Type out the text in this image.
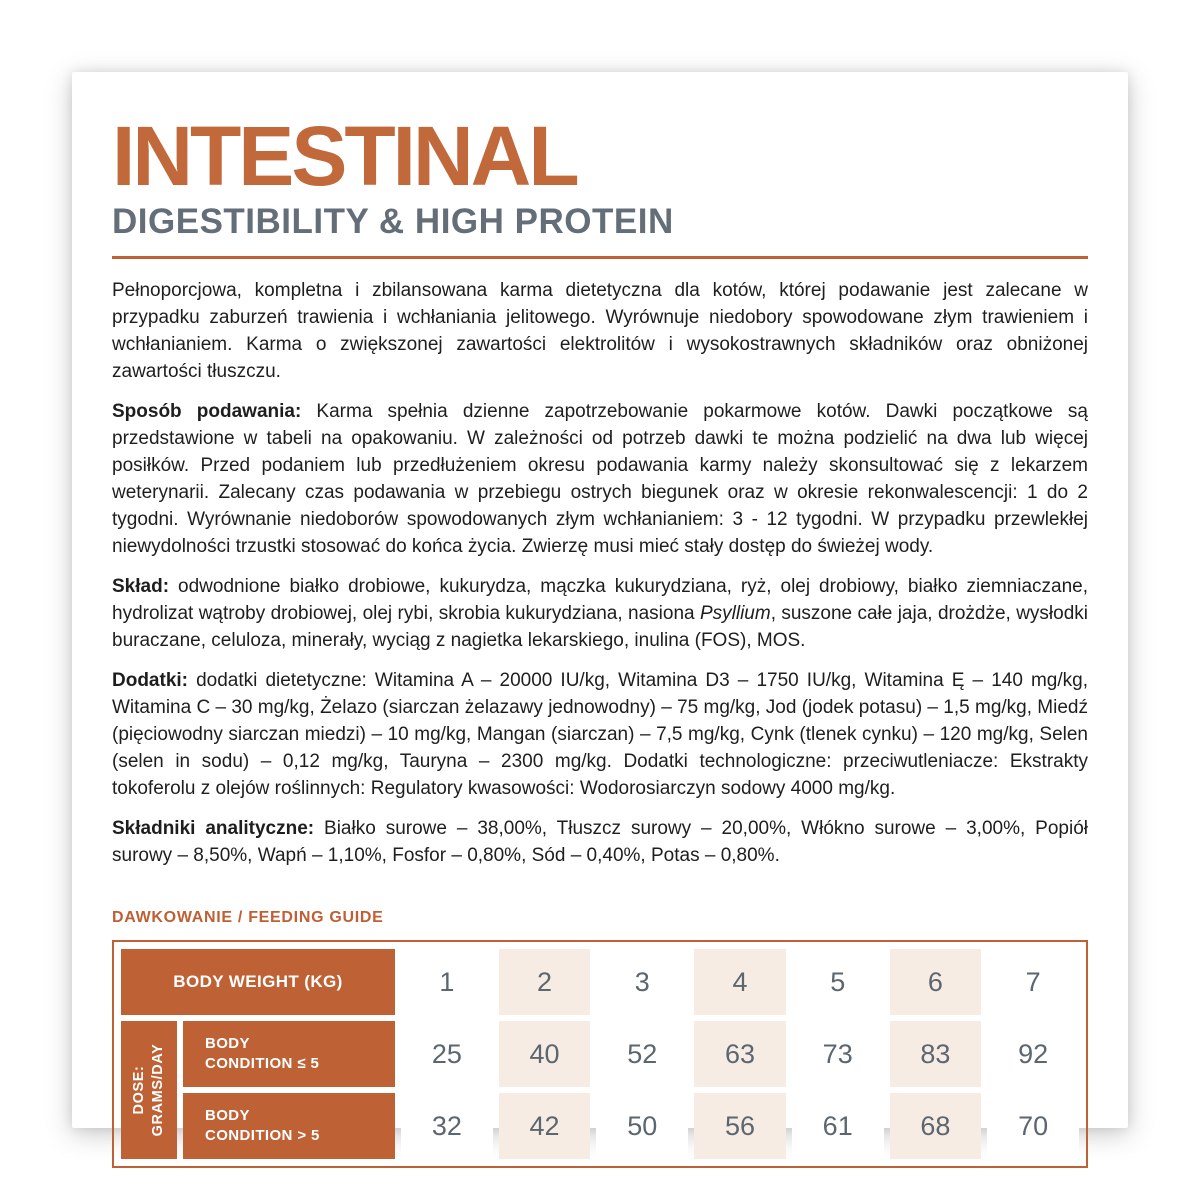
INTESTINAL
DIGESTIBILITY & HIGH PROTEIN

Pełnoporcjowa, kompletna i zbilansowana karma dietetyczna dla kotów, której podawanie jest zalecane w przypadku zaburzeń trawienia i wchłaniania jelitowego. Wyrównuje niedobory spowodowane złym trawieniem i wchłanianiem. Karma o zwiększonej zawartości elektrolitów i wysokostrawnych składników oraz obniżonej zawartości tłuszczu.

Sposób podawania: Karma spełnia dzienne zapotrzebowanie pokarmowe kotów. Dawki początkowe są przedstawione w tabeli na opakowaniu. W zależności od potrzeb dawki te można podzielić na dwa lub więcej posiłków. Przed podaniem lub przedłużeniem okresu podawania karmy należy skonsultować się z lekarzem weterynarii. Zalecany czas podawania w przebiegu ostrych biegunek oraz w okresie rekonwalescencji: 1 do 2 tygodni. Wyrównanie niedoborów spowodowanych złym wchłanianiem: 3 - 12 tygodni. W przypadku przewlekłej niewydolności trzustki stosować do końca życia. Zwierzę musi mieć stały dostęp do świeżej wody.

Skład: odwodnione białko drobiowe, kukurydza, mączka kukurydziana, ryż, olej drobiowy, białko ziemniaczane, hydrolizat wątroby drobiowej, olej rybi, skrobia kukurydziana, nasiona Psyllium, suszone całe jaja, drożdże, wysłodki buraczane, celuloza, minerały, wyciąg z nagietka lekarskiego, inulina (FOS), MOS.

Dodatki: dodatki dietetyczne: Witamina A – 20000 IU/kg, Witamina D3 – 1750 IU/kg, Witamina Ę – 140 mg/kg, Witamina C – 30 mg/kg, Żelazo (siarczan żelazawy jednowodny) – 75 mg/kg, Jod (jodek potasu) – 1,5 mg/kg, Miedź (pięciowodny siarczan miedzi) – 10 mg/kg, Mangan (siarczan) – 7,5 mg/kg, Cynk (tlenek cynku) – 120 mg/kg, Selen (selen in sodu) – 0,12 mg/kg, Tauryna – 2300 mg/kg. Dodatki technologiczne: przeciwutleniacze: Ekstrakty tokoferolu z olejów roślinnych: Regulatory kwasowości: Wodorosiarczyn sodowy 4000 mg/kg.

Składniki analityczne: Białko surowe – 38,00%, Tłuszcz surowy – 20,00%, Włókno surowe – 3,00%, Popiół surowy – 8,50%, Wapń – 1,10%, Fosfor – 0,80%, Sód – 0,40%, Potas – 0,80%.

DAWKOWANIE / FEEDING GUIDE
BODY WEIGHT (KG)	1	2	3	4	5	6	7
DOSE: GRAMS/DAY
BODY
CONDITION ≤ 5	25	40	52	63	73	83	92
BODY
CONDITION > 5	32	42	50	56	61	68	70
